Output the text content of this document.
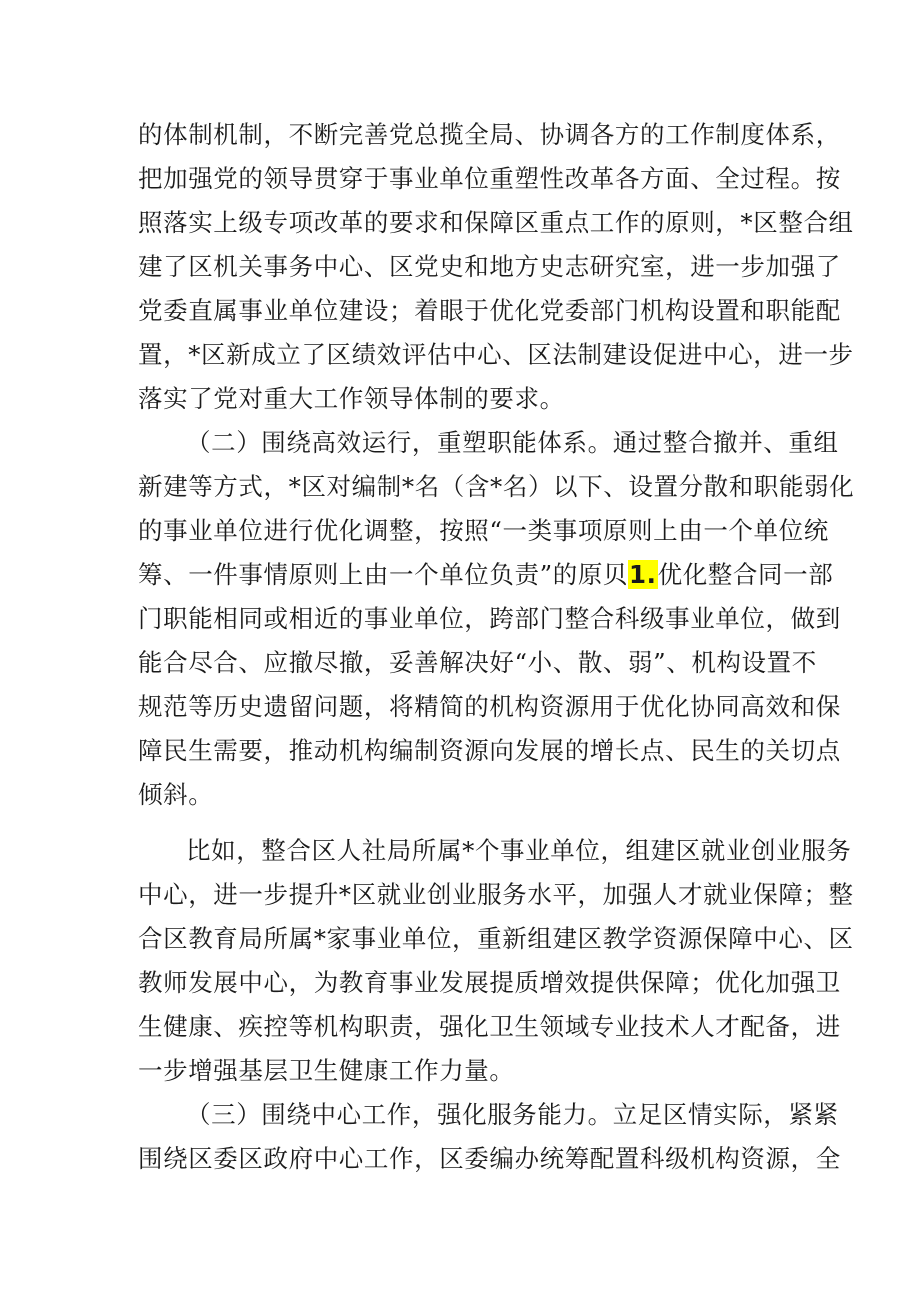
的体制机制，不断完善党总揽全局、协调各方的工作制度体系，
把加强党的领导贯穿于事业单位重塑性改革各方面、全过程。按
照落实上级专项改革的要求和保障区重点工作的原则，*区整合组
建了区机关事务中心、区党史和地方史志研究室，进一步加强了
党委直属事业单位建设；着眼于优化党委部门机构设置和职能配
置，*区新成立了区绩效评估中心、区法制建设促进中心，进一步
落实了党对重大工作领导体制的要求。
（二）围绕高效运行，重塑职能体系。通过整合撤并、重组
新建等方式，*区对编制*名（含*名）以下、设置分散和职能弱化
的事业单位进行优化调整，按照“一类事项原则上由一个单位统
筹、一件事情原则上由一个单位负责”的原贝1.优化整合同一部
门职能相同或相近的事业单位，跨部门整合科级事业单位，做到
能合尽合、应撤尽撤，妥善解决好“小、散、弱”、机构设置不
规范等历史遗留问题，将精简的机构资源用于优化协同高效和保
障民生需要，推动机构编制资源向发展的增长点、民生的关切点
倾斜。
比如，整合区人社局所属*个事业单位，组建区就业创业服务
中心，进一步提升*区就业创业服务水平，加强人才就业保障；整
合区教育局所属*家事业单位，重新组建区教学资源保障中心、区
教师发展中心，为教育事业发展提质增效提供保障；优化加强卫
生健康、疾控等机构职责，强化卫生领域专业技术人才配备，进
一步增强基层卫生健康工作力量。
（三）围绕中心工作，强化服务能力。立足区情实际，紧紧
围绕区委区政府中心工作，区委编办统筹配置科级机构资源，全
